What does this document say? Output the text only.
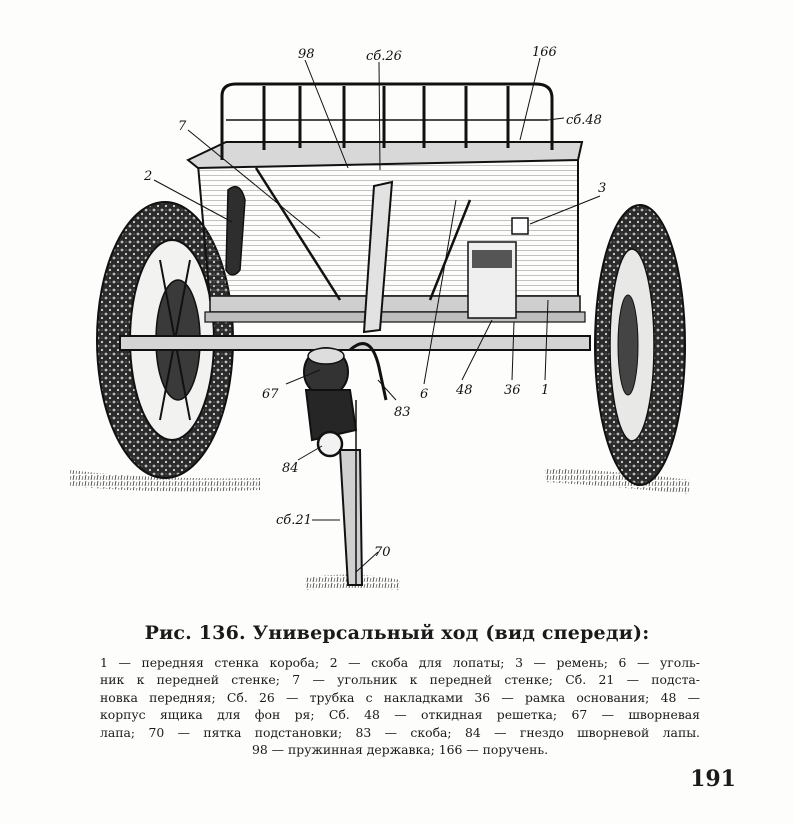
98	сб.26	166
сб.48
7
2
3
67
83
6 48 36 1
84
сб.21
70
Рис. 136. Универсальный ход (вид спереди):
1 — передняя стенка короба; 2 — скоба для лопаты; 3 — ремень; 6 — уголь-
ник к передней стенке; 7 — угольник к передней стенке; Сб. 21 — подста-
новка передняя; Сб. 26 — трубка с накладками 36 — рамка основания; 48 —
корпус ящика для фон ря; Сб. 48 — откидная решетка; 67 — шворневая
лапа; 70 — пятка подстановки; 83 — скоба; 84 — гнездо шворневой лапы.
98 — пружинная державка; 166 — поручень.
191
